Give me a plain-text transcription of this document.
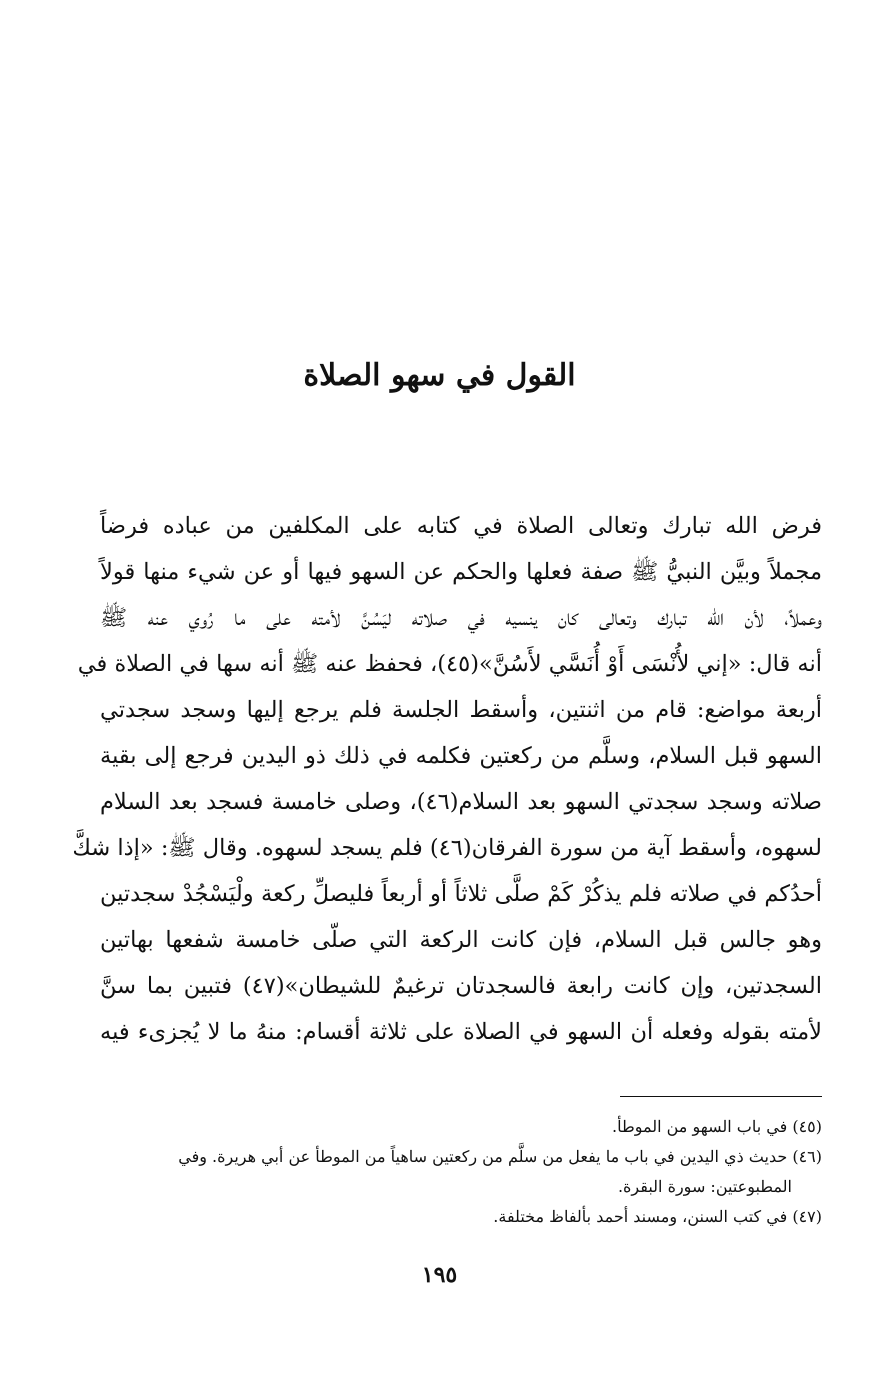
القول في سهو الصلاة
فرض الله تبارك وتعالى الصلاة في كتابه على المكلفين من عباده فرضاً
مجملاً وبيَّن النبيُّ ﷺ صفة فعلها والحكم عن السهو فيها أو عن شيء منها قولاً
وعملاً، لأن الله تبارك وتعالى كان ينسيه في صلاته ليَسُنَّ لأمته على ما رُوي عنه ﷺ
أنه قال: «إني لأُنْسَى أَوْ أُنَسَّي لأَسُنَّ»(٤٥)، فحفظ عنه ﷺ أنه سها في الصلاة في
أربعة مواضع: قام من اثنتين، وأسقط الجلسة فلم يرجع إليها وسجد سجدتي
السهو قبل السلام، وسلَّم من ركعتين فكلمه في ذلك ذو اليدين فرجع إلى بقية
صلاته وسجد سجدتي السهو بعد السلام(٤٦)، وصلى خامسة فسجد بعد السلام
لسهوه، وأسقط آية من سورة الفرقان(٤٦) فلم يسجد لسهوه. وقال ﷺ: «إذا شكَّ
أحدُكم في صلاته فلم يذكُرْ كَمْ صلَّى ثلاثاً أو أربعاً فليصلِّ ركعة ولْيَسْجُدْ سجدتين
وهو جالس قبل السلام، فإن كانت الركعة التي صلّى خامسة شفعها بهاتين
السجدتين، وإن كانت رابعة فالسجدتان ترغيمٌ للشيطان»(٤٧) فتبين بما سنَّ
لأمته بقوله وفعله أن السهو في الصلاة على ثلاثة أقسام: منهُ ما لا يُجزىء فيه
(٤٥) في باب السهو من الموطأ.
(٤٦) حديث ذي اليدين في باب ما يفعل من سلَّم من ركعتين ساهياً من الموطأ عن أبي هريرة. وفي
المطبوعتين: سورة البقرة.
(٤٧) في كتب السنن، ومسند أحمد بألفاظ مختلفة.
١٩٥
